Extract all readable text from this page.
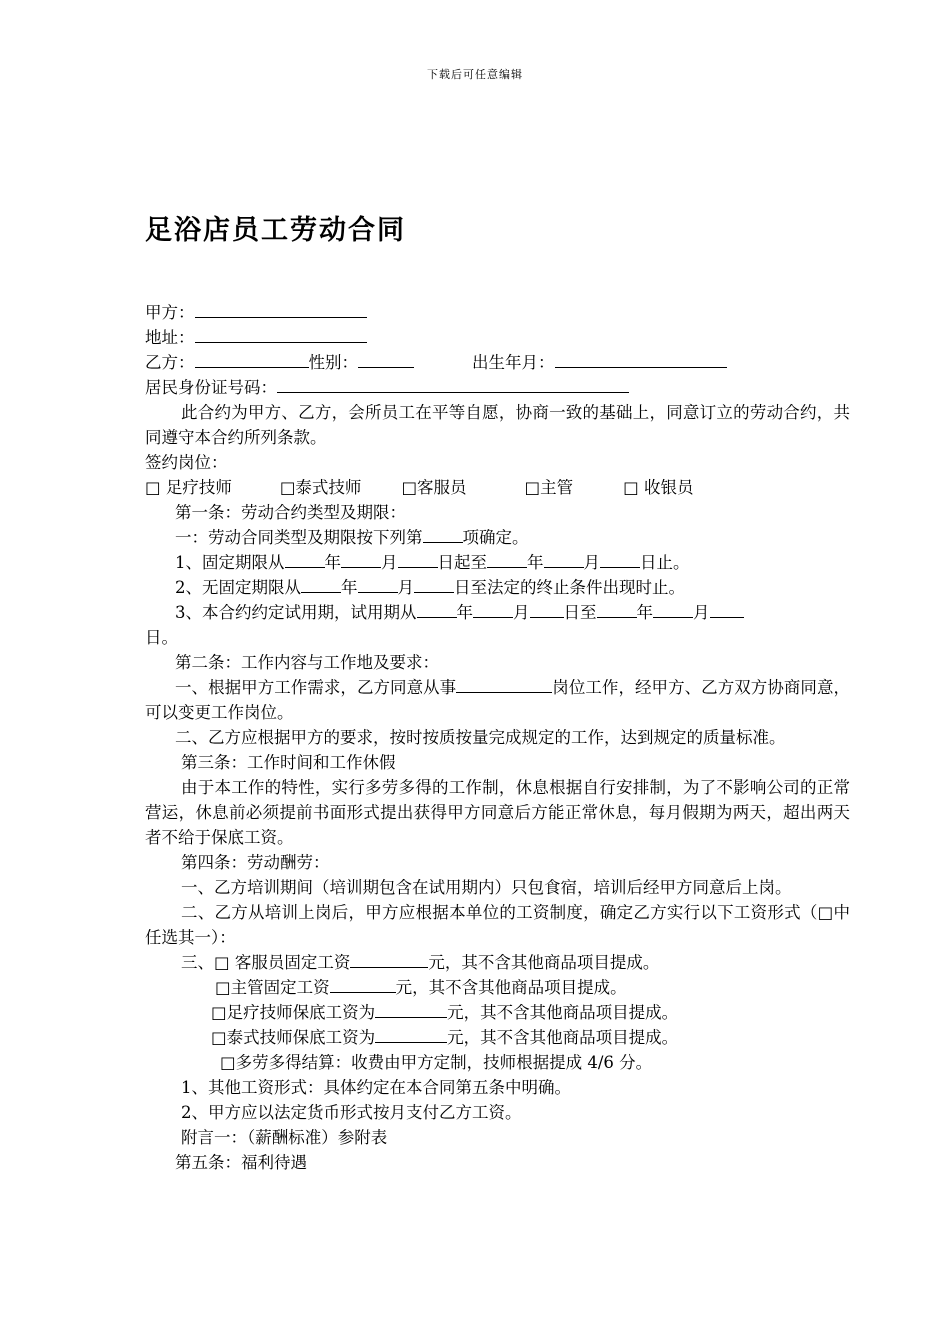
下载后可任意编辑
足浴店员工劳动合同
甲方：
地址：
乙方：	性别：	出生年月：
居民身份证号码：
此合约为甲方、乙方，会所员工在平等自愿，协商一致的基础上，同意订立的劳动合约，共同遵守本合约所列条款。
签约岗位：
□ 足疗技师	□泰式技师 □客服员	□主管	□ 收银员
第一条：劳动合约类型及期限：
一：劳动合同类型及期限按下列第 项确定。
1、固定期限从 年 月 日起至 年 月 日止。
2、无固定期限从 年 月 日至法定的终止条件出现时止。
3、本合约约定试用期，试用期从 年 月 日至 年 月
日。
第二条：工作内容与工作地及要求：
一、根据甲方工作需求，乙方同意从事	岗位工作，经甲方、乙方双方协商同意，可以变更工作岗位。
二、乙方应根据甲方的要求，按时按质按量完成规定的工作，达到规定的质量标准。
第三条：工作时间和工作休假
由于本工作的特性，实行多劳多得的工作制，休息根据自行安排制，为了不影响公司的正常营运，休息前必须提前书面形式提出获得甲方同意后方能正常休息，每月假期为两天，超出两天者不给于保底工资。
第四条：劳动酬劳：
一、乙方培训期间（培训期包含在试用期内）只包食宿，培训后经甲方同意后上岗。
二、乙方从培训上岗后，甲方应根据本单位的工资制度，确定乙方实行以下工资形式（□中任选其一）：
三、□ 客服员固定工资	元，其不含其他商品项目提成。
□主管固定工资	元，其不含其他商品项目提成。
□足疗技师保底工资为	元，其不含其他商品项目提成。
□泰式技师保底工资为	元，其不含其他商品项目提成。
□多劳多得结算：收费由甲方定制，技师根据提成 4/6 分。
1、其他工资形式：具体约定在本合同第五条中明确。
2、甲方应以法定货币形式按月支付乙方工资。
附言一：（薪酬标准）参附表
第五条：福利待遇
